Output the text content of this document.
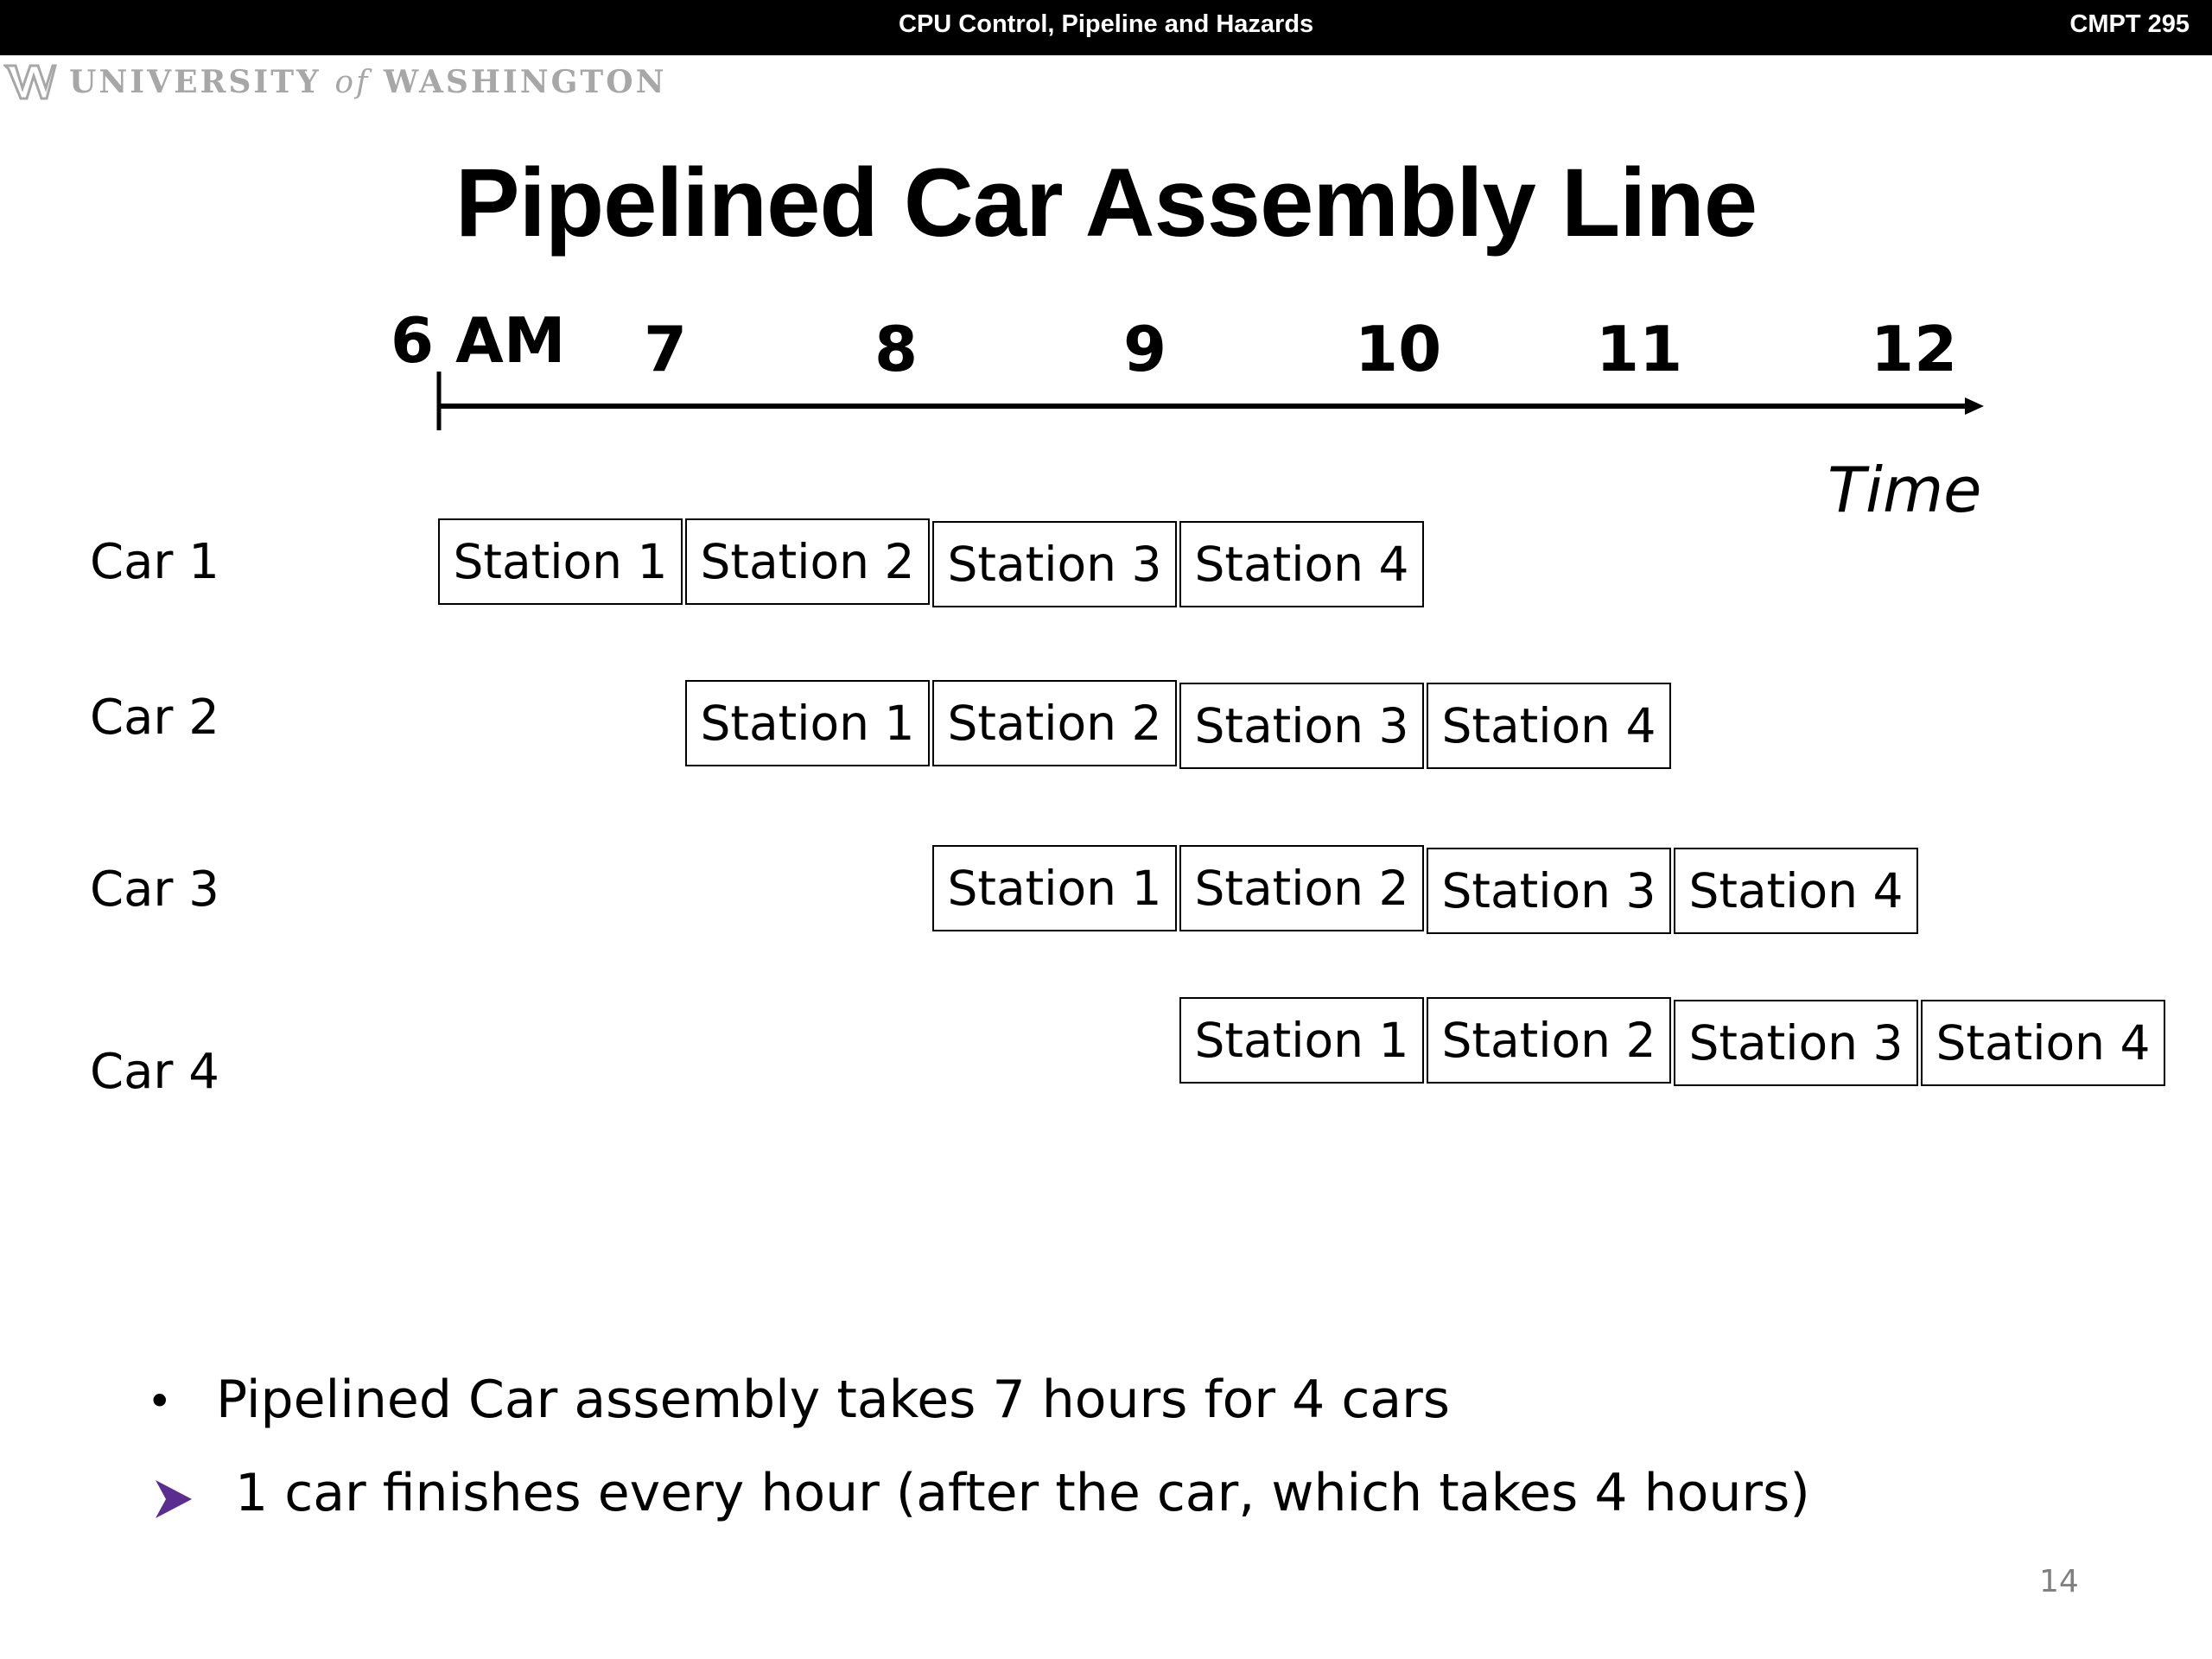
CPU Control, Pipeline and Hazards	CMPT 295
UNIVERSITY of WASHINGTON
Pipelined Car Assembly Line
6 AM 7	8	9	10 11	12
Time
Car 1	Station 1 Station 2 Station 3 Station 4
Car 2	Station 1 Station 2 Station 3 Station 4
Car 3	Station 1 Station 2 Station 3 Station 4
Car 4
Station 1 Station 2 Station 3 Station 4
• Pipelined Car assembly takes 7 hours for 4 cars
1 car finishes every hour (after the car, which takes 4 hours)
14
